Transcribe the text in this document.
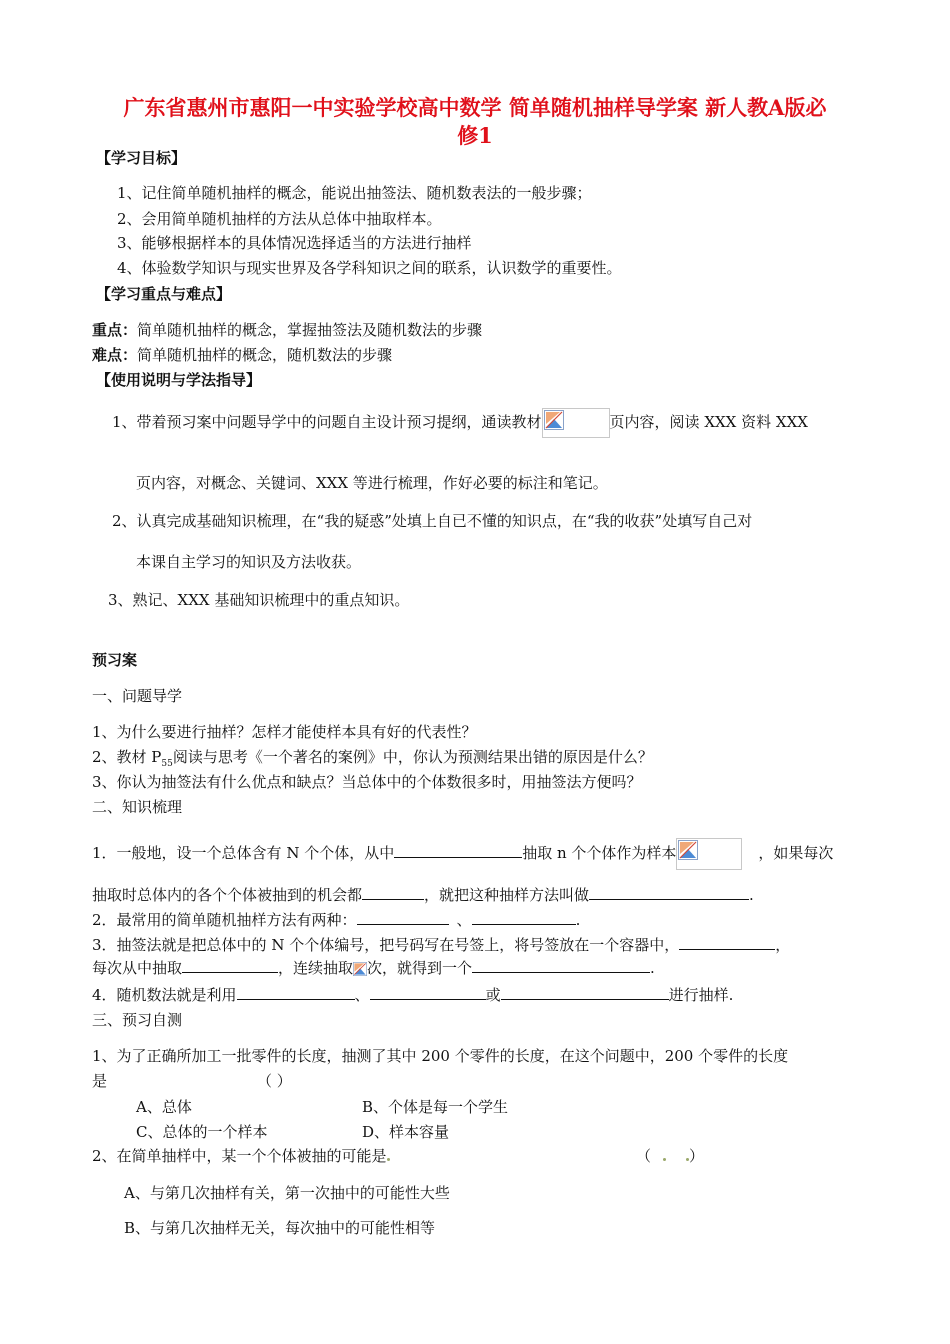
广东省惠州市惠阳一中实验学校高中数学 简单随机抽样导学案 新人教A版必
修1
【学习目标】
1、记住简单随机抽样的概念，能说出抽签法、随机数表法的一般步骤；
2、会用简单随机抽样的方法从总体中抽取样本。
3、能够根据样本的具体情况选择适当的方法进行抽样
4、体验数学知识与现实世界及各学科知识之间的联系，认识数学的重要性。
【学习重点与难点】
重点：简单随机抽样的概念，掌握抽签法及随机数法的步骤
难点：简单随机抽样的概念，随机数法的步骤
【使用说明与学法指导】
1、带着预习案中问题导学中的问题自主设计预习提纲，通读教材	页内容，阅读 XXX 资料 XXX
页内容，对概念、关键词、XXX 等进行梳理，作好必要的标注和笔记。
2、认真完成基础知识梳理，在“我的疑惑”处填上自已不懂的知识点，在“我的收获”处填写自己对
本课自主学习的知识及方法收获。
3、熟记、XXX 基础知识梳理中的重点知识。
预习案
一、问题导学
1、为什么要进行抽样？怎样才能使样本具有好的代表性？
2、教材 $P_{55}$阅读与思考《一个著名的案例》中，你认为预测结果出错的原因是什么？
3、你认为抽签法有什么优点和缺点？当总体中的个体数很多时，用抽签法方便吗？
二、知识梳理
1．一般地，设一个总体含有 N 个个体，从中	抽取 n 个个体作为样本	，如果每次
抽取时总体内的各个个体被抽到的机会都	，就把这种抽样方法叫做	.
2．最常用的简单随机抽样方法有两种：	、	.
3．抽签法就是把总体中的 N 个个体编号，把号码写在号签上，将号签放在一个容器中，	，
每次从中抽取	，连续抽取 次，就得到一个	.
4．随机数法就是利用	、	或	进行抽样.
三、预习自测
1、为了正确所加工一批零件的长度，抽测了其中 200 个零件的长度，在这个问题中，200 个零件的长度
是	（ ）
A、总体	B、个体是每一个学生
C、总体的一个样本	D、样本容量
2、在简单抽样中，某一个个体被抽的可能是	（	）
A、与第几次抽样有关，第一次抽中的可能性大些
B、与第几次抽样无关，每次抽中的可能性相等
